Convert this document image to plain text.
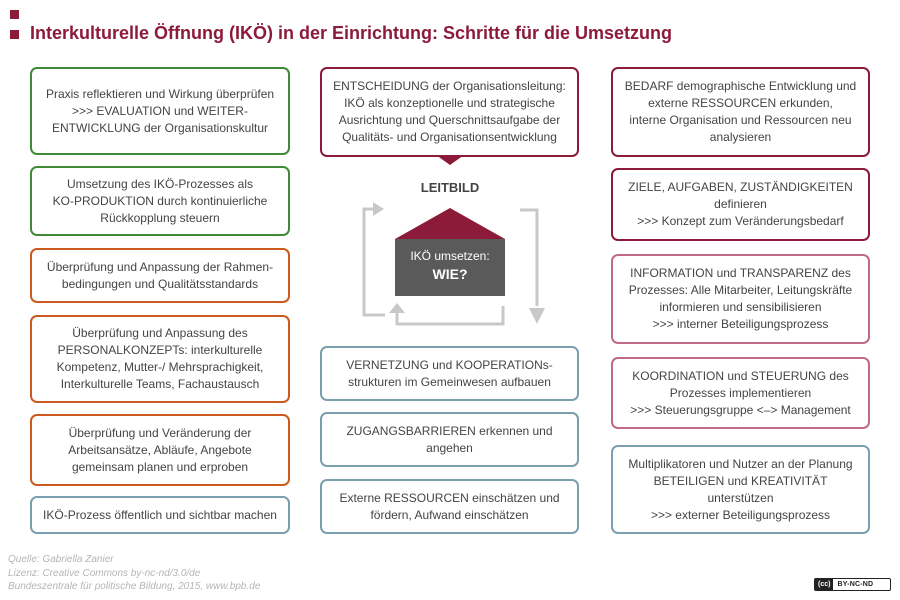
Interkulturelle Öffnung (IKÖ) in der Einrichtung: Schritte für die Umsetzung
Praxis reflektieren und Wirkung überprüfen
>>> EVALUATION und WEITER-
ENTWICKLUNG der Organisationskultur
Umsetzung des IKÖ-Prozesses als
KO-PRODUKTION durch kontinuierliche
Rückkopplung steuern
Überprüfung und Anpassung der Rahmen-
bedingungen und Qualitätsstandards
Überprüfung und Anpassung des
PERSONALKONZEPTs: interkulturelle
Kompetenz, Mutter-/ Mehrsprachigkeit,
Interkulturelle Teams, Fachaustausch
Überprüfung und Veränderung der
Arbeitsansätze, Abläufe, Angebote
gemeinsam planen und erproben
IKÖ-Prozess öffentlich und sichtbar machen
ENTSCHEIDUNG der Organisationsleitung:
IKÖ als konzeptionelle und strategische
Ausrichtung und Querschnittsaufgabe der
Qualitäts- und Organisationsentwicklung
LEITBILD
IKÖ umsetzen:
WIE?
VERNETZUNG und KOOPERATIONs-
strukturen im Gemeinwesen aufbauen
ZUGANGSBARRIEREN erkennen und
angehen
Externe RESSOURCEN einschätzen und
fördern, Aufwand einschätzen
BEDARF demographische Entwicklung und
externe RESSOURCEN erkunden,
interne Organisation und Ressourcen neu
analysieren
ZIELE, AUFGABEN, ZUSTÄNDIGKEITEN
definieren
>>> Konzept zum Veränderungsbedarf
INFORMATION und TRANSPARENZ des
Prozesses: Alle Mitarbeiter, Leitungskräfte
informieren und sensibilisieren
>>> interner Beteiligungsprozess
KOORDINATION und STEUERUNG des
Prozesses implementieren
>>> Steuerungsgruppe <–> Management
Multiplikatoren und Nutzer an der Planung
BETEILIGEN und KREATIVITÄT
unterstützen
>>> externer Beteiligungsprozess
Quelle: Gabriella Zanier
Lizenz: Creative Commons by-nc-nd/3.0/de
Bundeszentrale für politische Bildung, 2015, www.bpb.de	(cc)	BY-NC-ND
